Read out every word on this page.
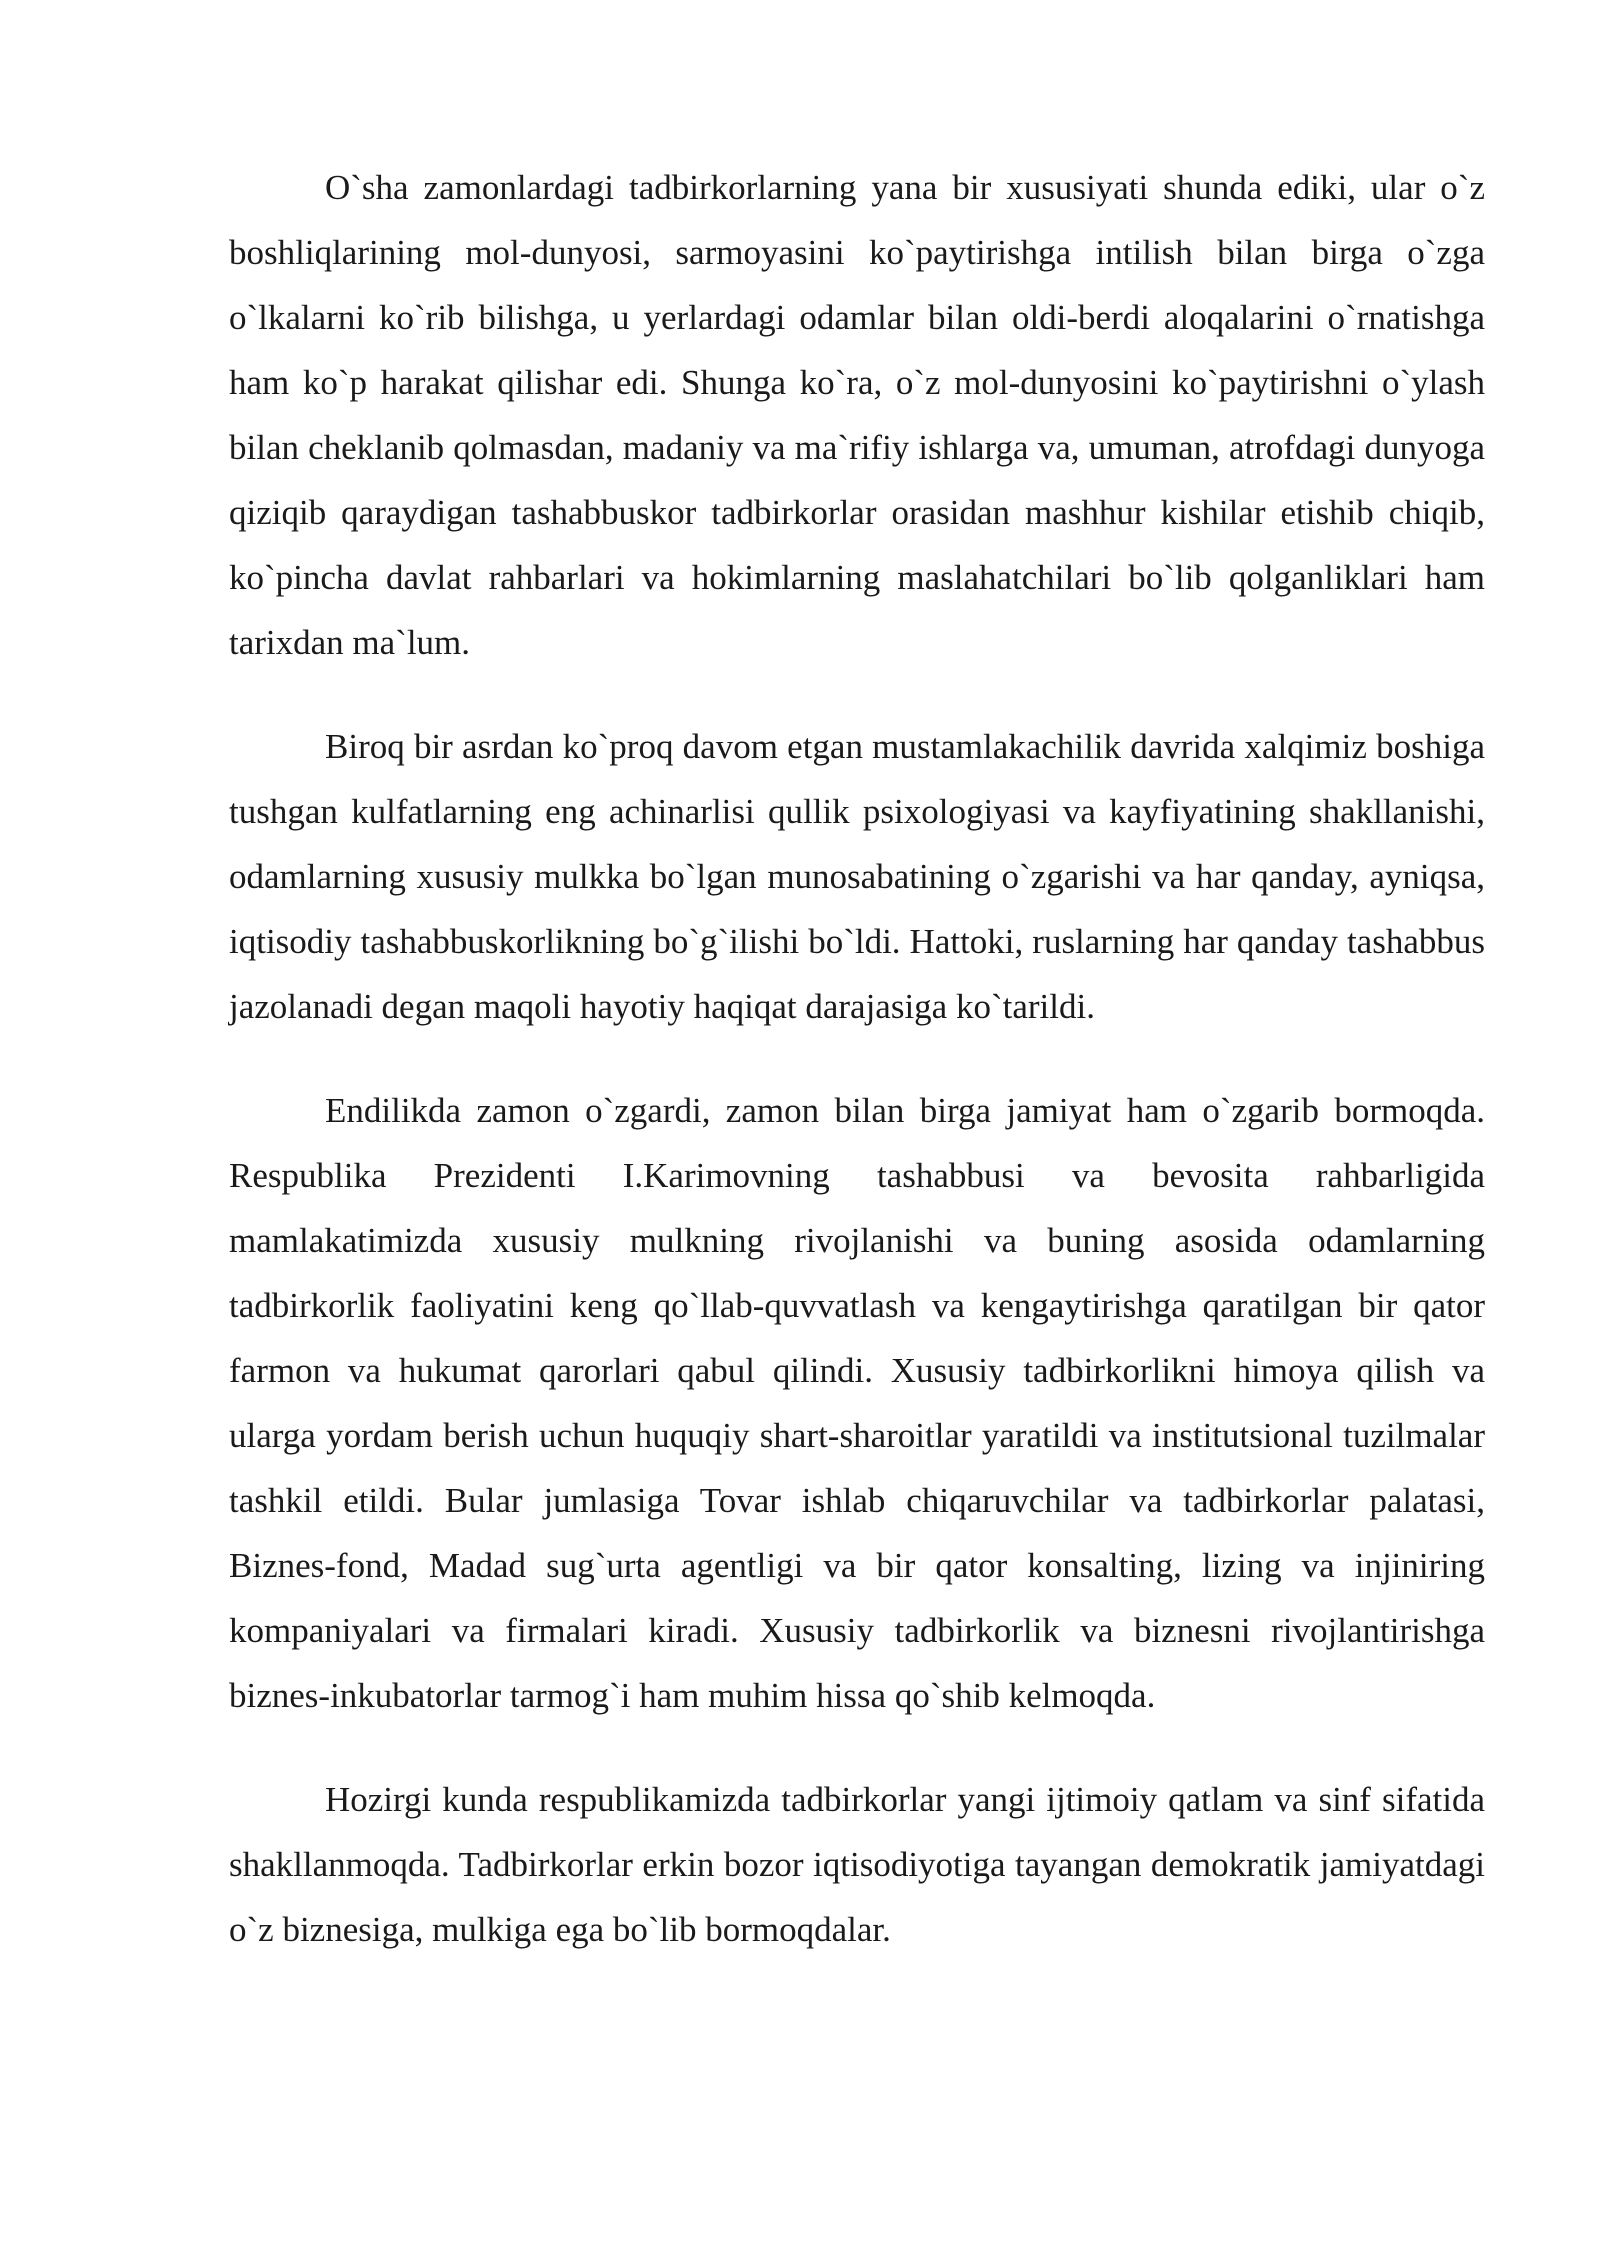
O`sha zamonlardagi tadbirkorlarning yana bir xususiyati shunda ediki, ular o`z boshliqlarining mol-dunyosi, sarmoyasini ko`paytirishga intilish bilan birga o`zga o`lkalarni ko`rib bilishga, u yerlardagi odamlar bilan oldi-berdi aloqalarini o`rnatishga ham ko`p harakat qilishar edi. Shunga ko`ra, o`z mol-dunyosini ko`paytirishni o`ylash bilan cheklanib qolmasdan, madaniy va ma`rifiy ishlarga va, umuman, atrofdagi dunyoga qiziqib qaraydigan tashabbuskor tadbirkorlar orasidan mashhur kishilar etishib chiqib, ko`pincha davlat rahbarlari va hokimlarning maslahatchilari bo`lib qolganliklari ham tarixdan ma`lum.

Biroq bir asrdan ko`proq davom etgan mustamlakachilik davrida xalqimiz boshiga tushgan kulfatlarning eng achinarlisi qullik psixologiyasi va kayfiyatining shakllanishi, odamlarning xususiy mulkka bo`lgan munosabatining o`zgarishi va har qanday, ayniqsa, iqtisodiy tashabbuskorlikning bo`g`ilishi bo`ldi. Hattoki, ruslarning har qanday tashabbus jazolanadi degan maqoli hayotiy haqiqat darajasiga ko`tarildi.

Endilikda zamon o`zgardi, zamon bilan birga jamiyat ham o`zgarib bormoqda. Respublika Prezidenti I.Karimovning tashabbusi va bevosita rahbarligida mamlakatimizda xususiy mulkning rivojlanishi va buning asosida odamlarning tadbirkorlik faoliyatini keng qo`llab-quvvatlash va kengaytirishga qaratilgan bir qator farmon va hukumat qarorlari qabul qilindi. Xususiy tadbirkorlikni himoya qilish va ularga yordam berish uchun huquqiy shart-sharoitlar yaratildi va institutsional tuzilmalar tashkil etildi. Bular jumlasiga Tovar ishlab chiqaruvchilar va tadbirkorlar palatasi, Biznes-fond, Madad sug`urta agentligi va bir qator konsalting, lizing va injiniring kompaniyalari va firmalari kiradi. Xususiy tadbirkorlik va biznesni rivojlantirishga biznes-inkubatorlar tarmog`i ham muhim hissa qo`shib kelmoqda.

Hozirgi kunda respublikamizda tadbirkorlar yangi ijtimoiy qatlam va sinf sifatida shakllanmoqda. Tadbirkorlar erkin bozor iqtisodiyotiga tayangan demokratik jamiyatdagi o`z biznesiga, mulkiga ega bo`lib bormoqdalar.
